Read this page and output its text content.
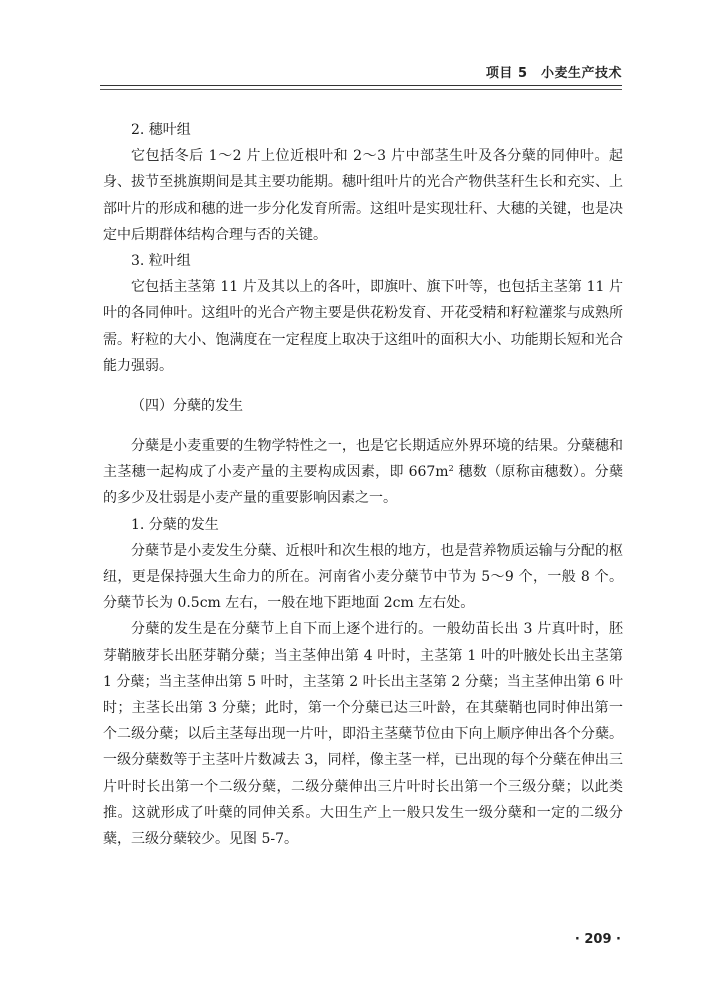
项目 5　小麦生产技术

2. 穗叶组

它包括冬后 1～2 片上位近根叶和 2～3 片中部茎生叶及各分蘖的同伸叶。起身、拔节至挑旗期间是其主要功能期。穗叶组叶片的光合产物供茎秆生长和充实、上部叶片的形成和穗的进一步分化发育所需。这组叶是实现壮秆、大穗的关键，也是决定中后期群体结构合理与否的关键。

3. 粒叶组

它包括主茎第 11 片及其以上的各叶，即旗叶、旗下叶等，也包括主茎第 11 片叶的各同伸叶。这组叶的光合产物主要是供花粉发育、开花受精和籽粒灌浆与成熟所需。籽粒的大小、饱满度在一定程度上取决于这组叶的面积大小、功能期长短和光合能力强弱。

（四）分蘖的发生

分蘖是小麦重要的生物学特性之一，也是它长期适应外界环境的结果。分蘖穗和主茎穗一起构成了小麦产量的主要构成因素，即 $667m^2$ 穗数（原称亩穗数）。分蘖的多少及壮弱是小麦产量的重要影响因素之一。

1. 分蘖的发生

分蘖节是小麦发生分蘖、近根叶和次生根的地方，也是营养物质运输与分配的枢纽，更是保持强大生命力的所在。河南省小麦分蘖节中节为 5～9 个，一般 8 个。分蘖节长为 0.5cm 左右，一般在地下距地面 2cm 左右处。

分蘖的发生是在分蘖节上自下而上逐个进行的。一般幼苗长出 3 片真叶时，胚芽鞘腋芽长出胚芽鞘分蘖；当主茎伸出第 4 叶时，主茎第 1 叶的叶腋处长出主茎第 1 分蘖；当主茎伸出第 5 叶时，主茎第 2 叶长出主茎第 2 分蘖；当主茎伸出第 6 叶时；主茎长出第 3 分蘖；此时，第一个分蘖已达三叶龄，在其蘖鞘也同时伸出第一个二级分蘖；以后主茎每出现一片叶，即沿主茎蘖节位由下向上顺序伸出各个分蘖。一级分蘖数等于主茎叶片数减去 3，同样，像主茎一样，已出现的每个分蘖在伸出三片叶时长出第一个二级分蘖，二级分蘖伸出三片叶时长出第一个三级分蘖；以此类推。这就形成了叶蘖的同伸关系。大田生产上一般只发生一级分蘖和一定的二级分蘖，三级分蘖较少。见图 5-7。

· 209 ·
